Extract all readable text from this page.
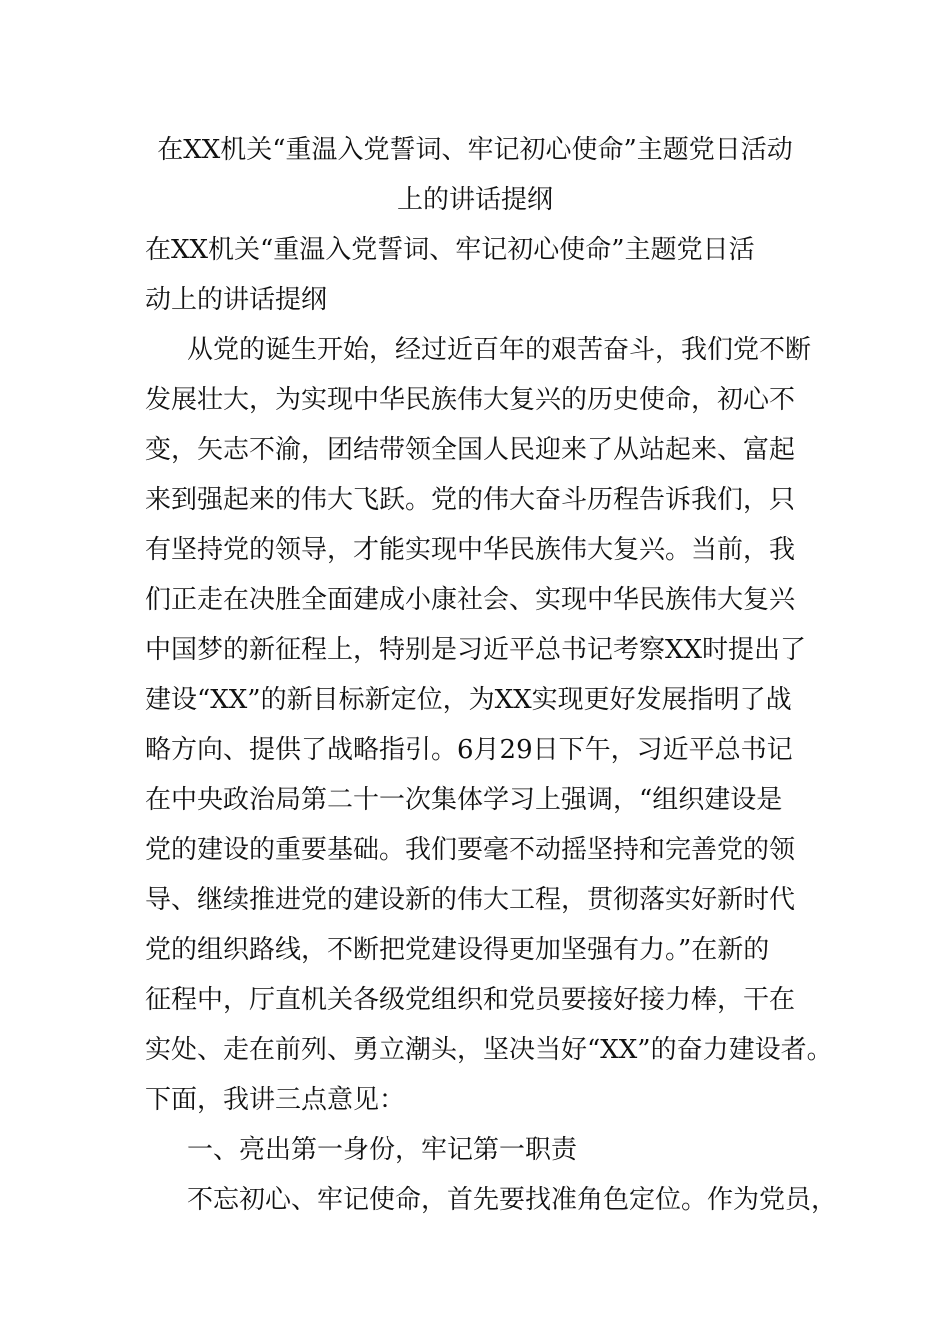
在XX机关“重温入党誓词、牢记初心使命”主题党日活动
上的讲话提纲
在XX机关“重温入党誓词、牢记初心使命”主题党日活
动上的讲话提纲
从党的诞生开始，经过近百年的艰苦奋斗，我们党不断
发展壮大，为实现中华民族伟大复兴的历史使命，初心不
变，矢志不渝，团结带领全国人民迎来了从站起来、富起
来到强起来的伟大飞跃。党的伟大奋斗历程告诉我们，只
有坚持党的领导，才能实现中华民族伟大复兴。当前，我
们正走在决胜全面建成小康社会、实现中华民族伟大复兴
中国梦的新征程上，特别是习近平总书记考察XX时提出了
建设“XX”的新目标新定位，为XX实现更好发展指明了战
略方向、提供了战略指引。6月29日下午，习近平总书记
在中央政治局第二十一次集体学习上强调，“组织建设是
党的建设的重要基础。我们要毫不动摇坚持和完善党的领
导、继续推进党的建设新的伟大工程，贯彻落实好新时代
党的组织路线，不断把党建设得更加坚强有力。”在新的
征程中，厅直机关各级党组织和党员要接好接力棒，干在
实处、走在前列、勇立潮头，坚决当好“XX”的奋力建设者。
下面，我讲三点意见：
一、亮出第一身份，牢记第一职责
不忘初心、牢记使命，首先要找准角色定位。作为党员，
